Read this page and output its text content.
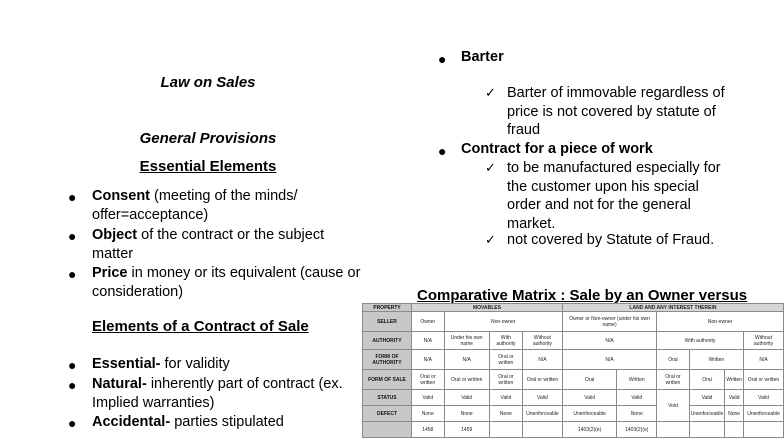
Law on Sales
General Provisions
Essential Elements
● Consent (meeting of the minds/
offer=acceptance)
● Object of the contract or the subject
matter
● Price in money or its equivalent (cause or
consideration)
Elements of a Contract of Sale
● Essential- for validity
● Natural- inherently part of contract (ex.
Implied warranties)
● Accidental- parties stipulated
● Barter
✓ Barter of immovable regardless of
price is not covered by statute of
fraud
● Contract for a piece of work
✓ to be manufactured especially for
the customer upon his special
order and not for the general
market.
✓ not covered by Statute of Fraud.
Comparative Matrix : Sale by an Owner versus
PROPERTY	MOVABLES				LAND AND ANY INTEREST THEREIN					
SELLER	Owner	Non-owner			Owner or Non-owner (under his own name)		Non-owner			
AUTHORITY	N/A	Under his own name	With authority	Without authority	N/A		With authority			Without authority
FORM OF AUTHORITY	N/A	N/A	Oral or written	N/A	N/A		Oral	Written		N/A
FORM OF SALE	Oral or written	Oral or written	Oral or written	Oral or written	Oral	Written	Oral or written	Oral	Written	Oral or written
STATUS	Valid	Valid	Valid	Valid	Valid	Valid	Void	Valid	Valid	Valid
DEFECT	None	None	None	Unenforceable	Unenforceable	None		Unenforceable	None	Unenforceable
	1458	1459			1403(2)(e)	1403(2)(e)				
